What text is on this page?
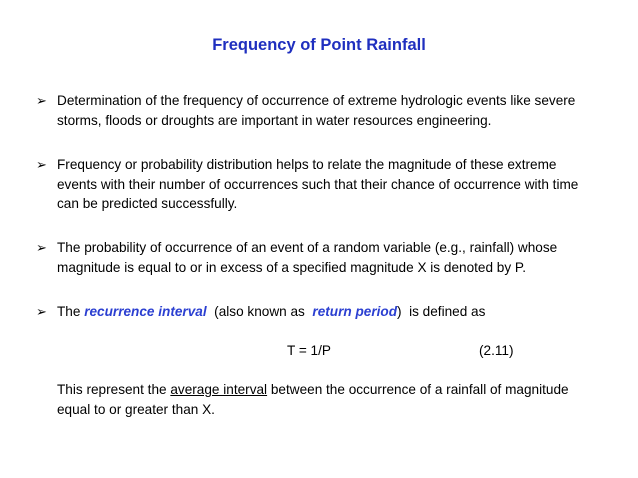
Frequency of Point Rainfall
➢ Determination of the frequency of occurrence of extreme hydrologic events like severe storms, floods or droughts are important in water resources engineering.
➢ Frequency or probability distribution helps to relate the magnitude of these extreme events with their number of occurrences such that their chance of occurrence with time can be predicted successfully.
➢ The probability of occurrence of an event of a random variable (e.g., rainfall) whose magnitude is equal to or in excess of a specified magnitude X is denoted by P.
➢ The recurrence interval  (also known as  return period)  is defined as
T = 1/P	(2.11)
This represent the average interval between the occurrence of a rainfall of magnitude equal to or greater than X.
